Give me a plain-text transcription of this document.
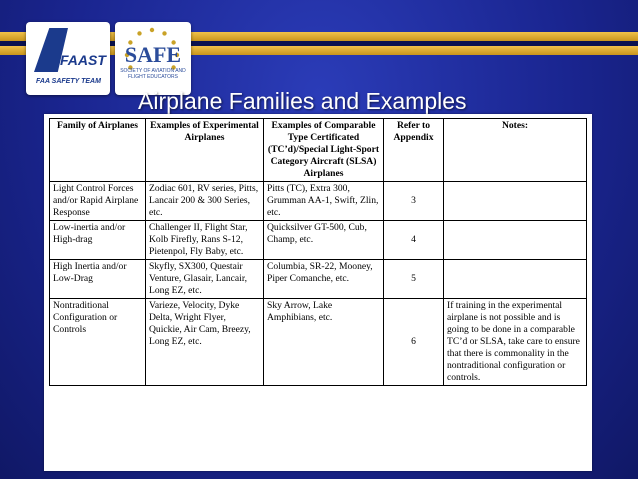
FAAST
FAA SAFETY TEAM
SAFE
SOCIETY OF AVIATION AND FLIGHT EDUCATORS
Airplane Families and Examples
Family of Airplanes	Examples of Experimental Airplanes	Examples of Comparable Type Certificated (TC’d)/Special Light-Sport Category Aircraft (SLSA) Airplanes	Refer to Appendix	Notes:
Light Control Forces and/or Rapid Airplane Response	Zodiac 601, RV series, Pitts, Lancair 200 & 300 Series, etc.	Pitts (TC), Extra 300, Grumman AA-1, Swift, Zlin, etc.	3	
Low-inertia and/or High-drag	Challenger II, Flight Star, Kolb Firefly, Rans S-12, Pietenpol, Fly Baby, etc.	Quicksilver GT-500, Cub, Champ, etc.	4	
High Inertia and/or Low-Drag	Skyfly, SX300, Questair Venture, Glasair, Lancair, Long EZ, etc.	Columbia, SR-22, Mooney, Piper Comanche, etc.	5	
Nontraditional Configuration or Controls	Varieze, Velocity, Dyke Delta, Wright Flyer, Quickie, Air Cam, Breezy, Long EZ, etc.	Sky Arrow, Lake Amphibians, etc.	6	If training in the experimental airplane is not possible and is going to be done in a comparable TC’d or SLSA, take care to ensure that there is commonality in the nontraditional configuration or controls.
